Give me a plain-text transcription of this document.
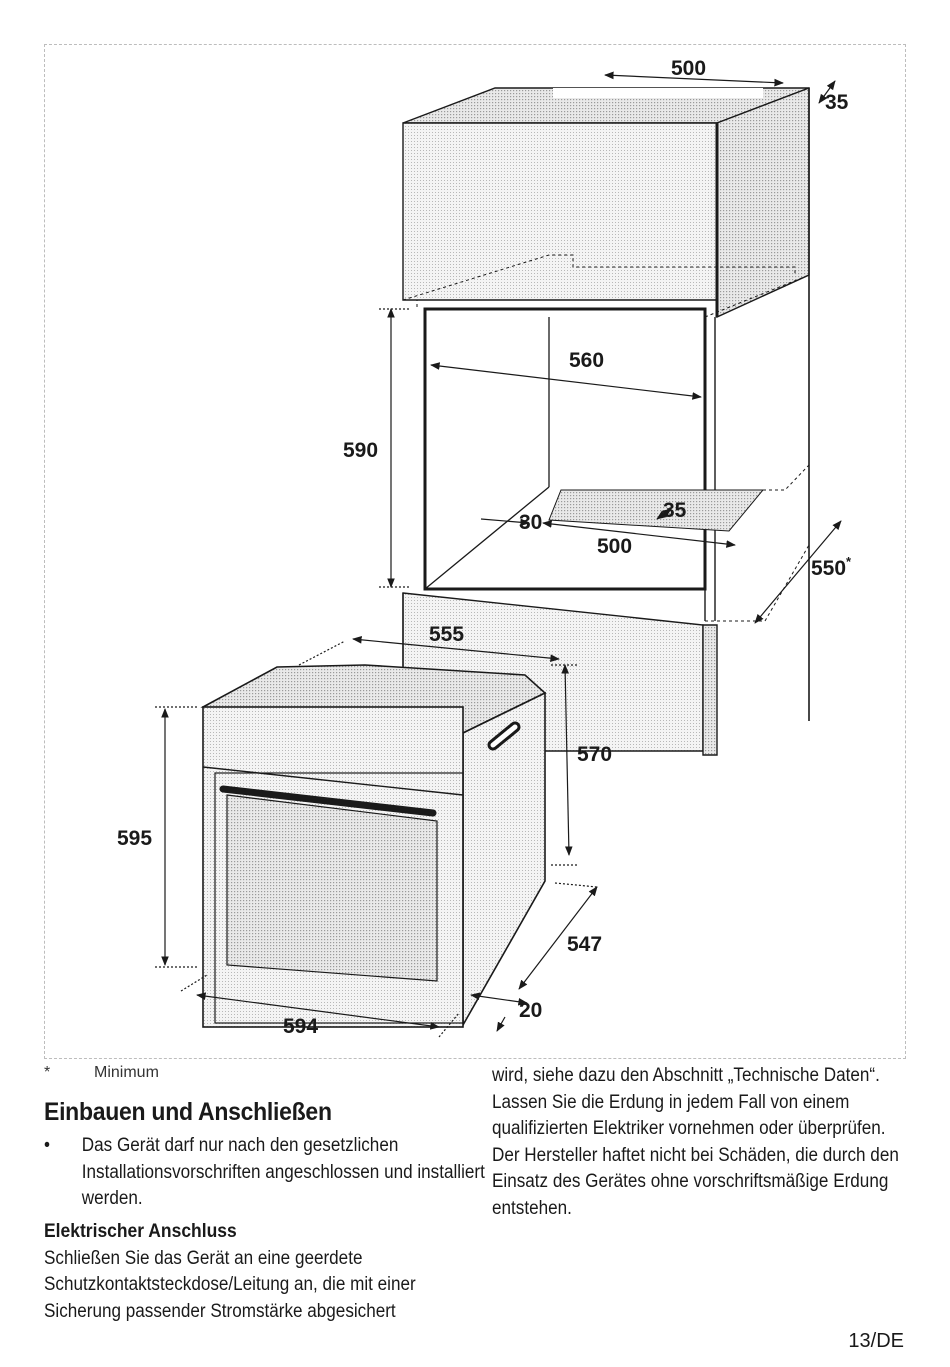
500
35
560
590
30
35
500
550*
555
570
595
547
594
20
*	Minimum
Einbauen und Anschließen
• Das Gerät darf nur nach den gesetzlichen Installationsvorschriften angeschlossen und installiert werden.
Elektrischer Anschluss

Schließen Sie das Gerät an eine geerdete Schutzkontaktsteckdose/Leitung an, die mit einer Sicherung passender Stromstärke abgesichert

wird, siehe dazu den Abschnitt „Technische Daten“. Lassen Sie die Erdung in jedem Fall von einem qualifizierten Elektriker vornehmen oder überprüfen. Der Hersteller haftet nicht bei Schäden, die durch den Einsatz des Gerätes ohne vorschriftsmäßige Erdung entstehen.

13/DE
